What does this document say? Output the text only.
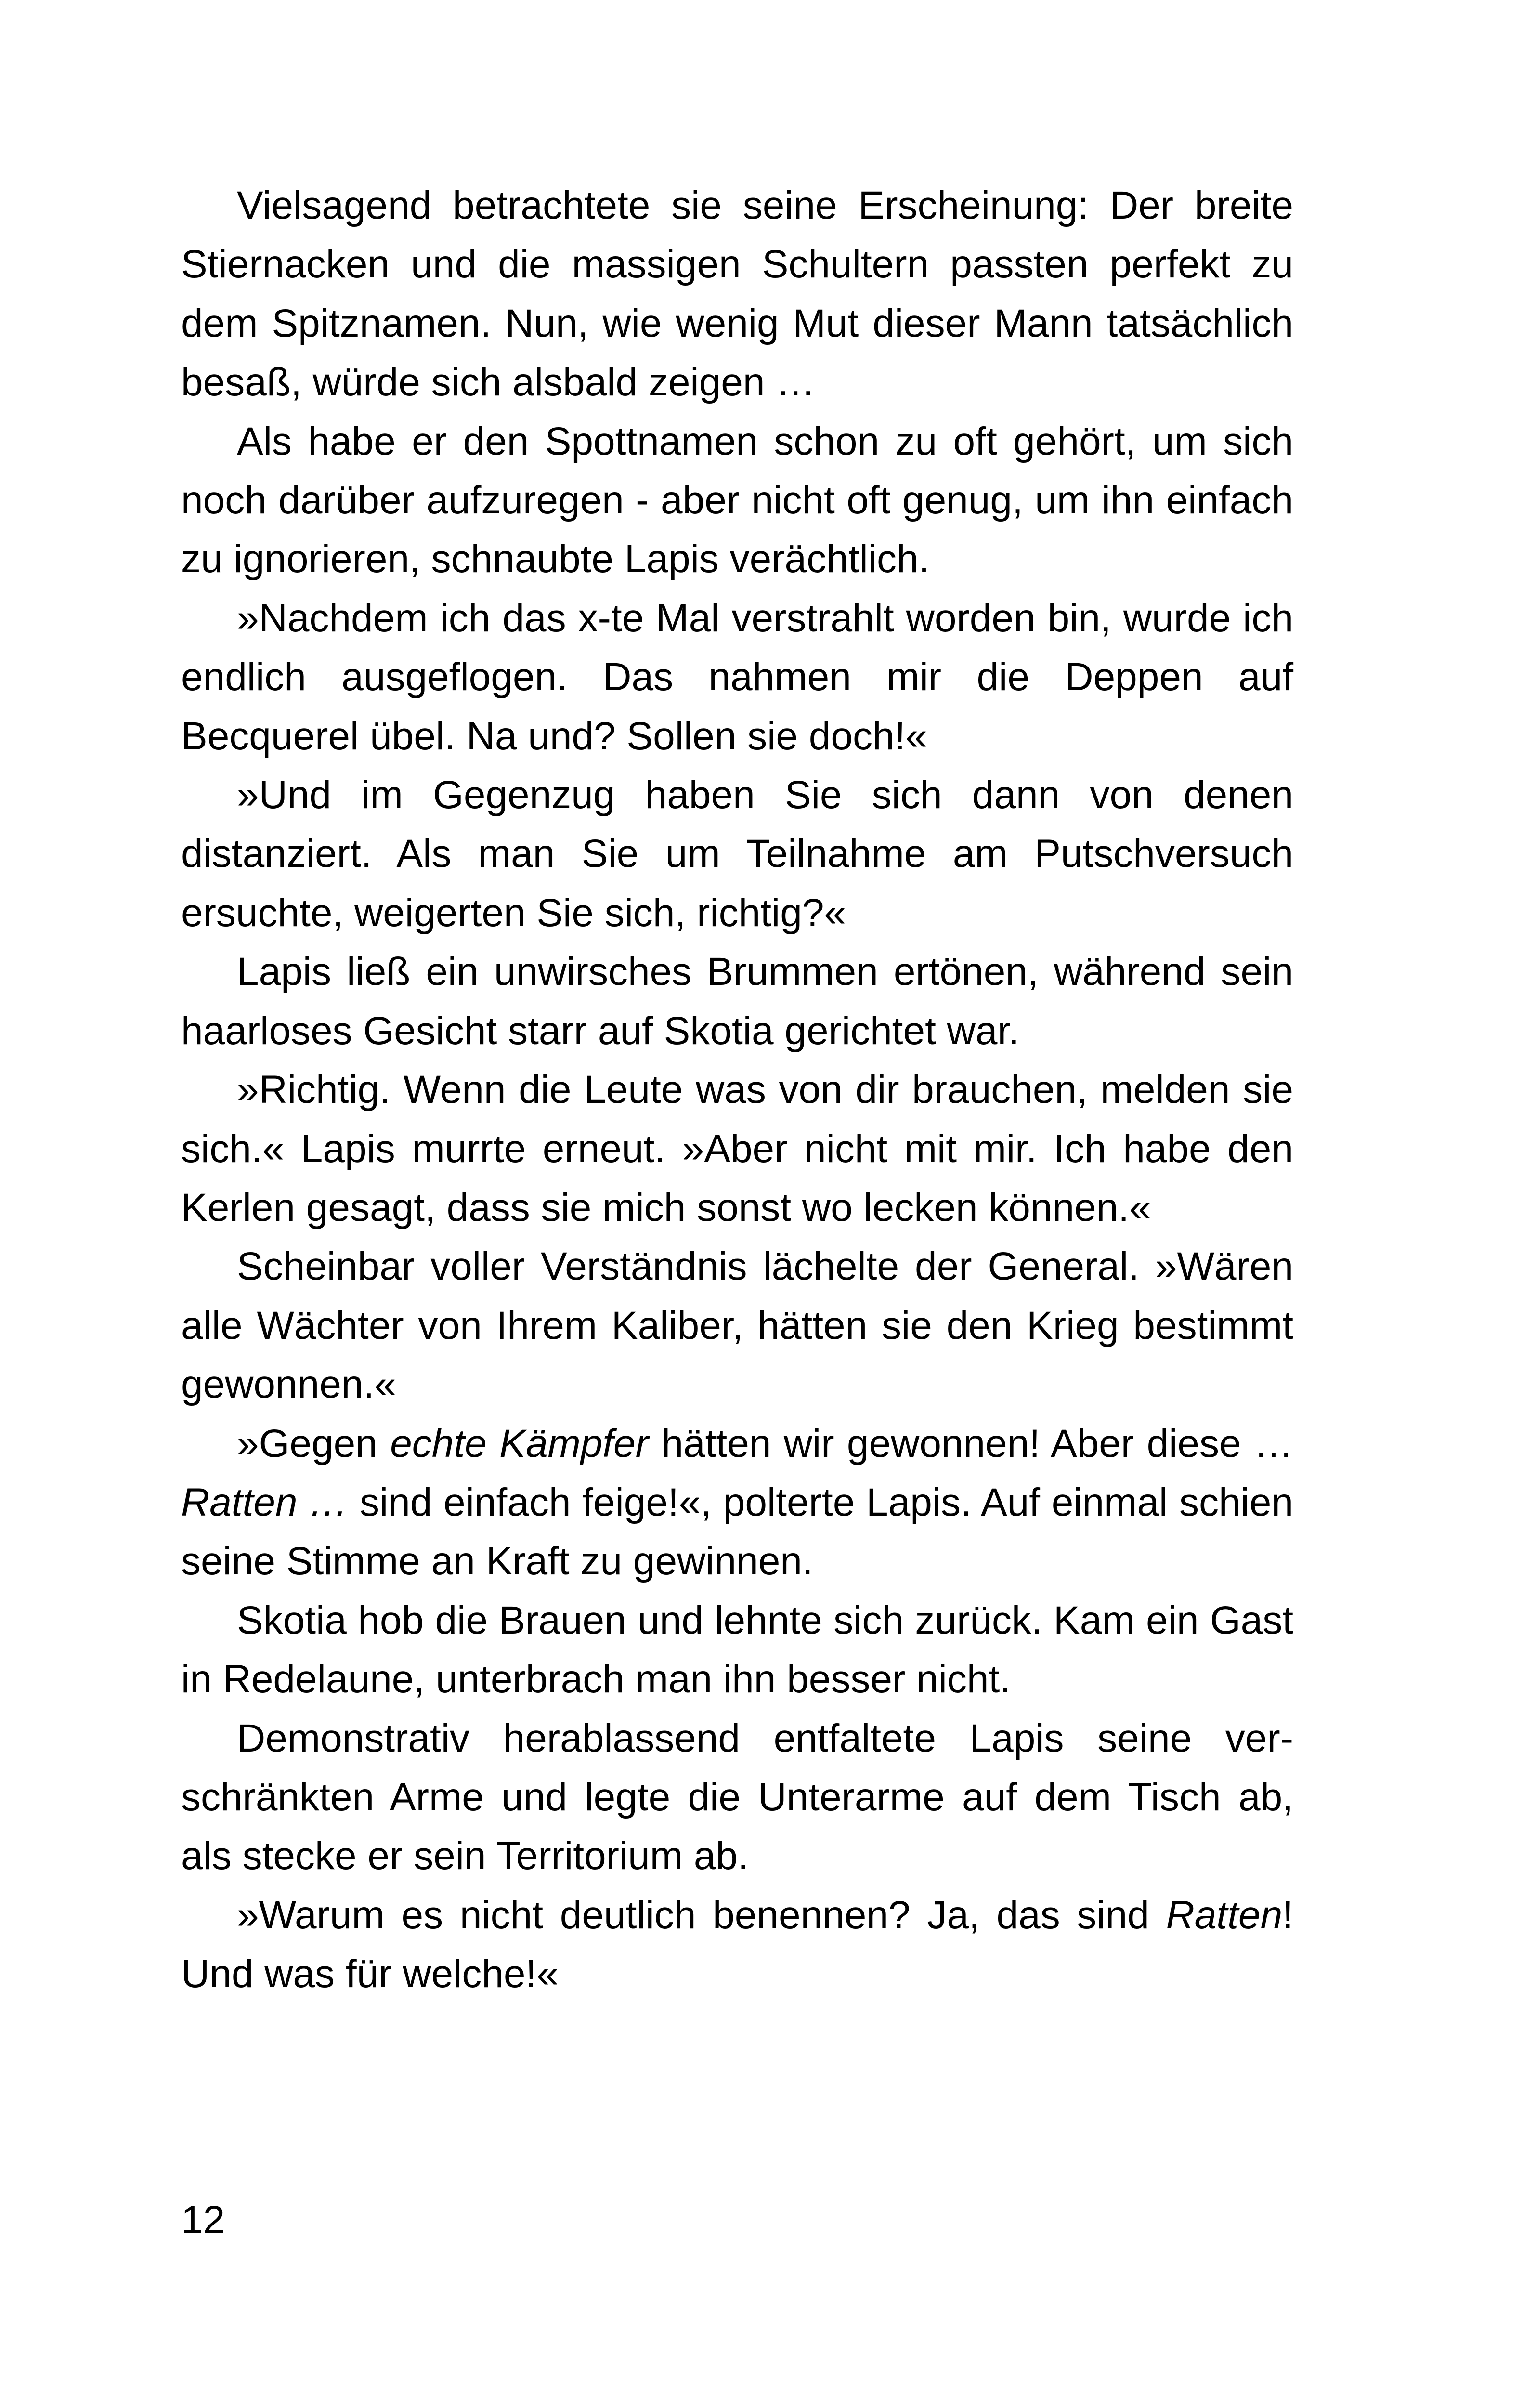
Vielsagend betrachtete sie seine Erscheinung: Der breite Stiernacken und die massigen Schultern passten perfekt zu dem Spitznamen. Nun, wie wenig Mut dieser Mann tatsächlich besaß, würde sich alsbald zeigen …

Als habe er den Spottnamen schon zu oft gehört, um sich noch darüber aufzuregen - aber nicht oft genug, um ihn einfach zu ignorieren, schnaubte Lapis verächtlich.

»Nachdem ich das x-te Mal verstrahlt worden bin, wurde ich endlich ausgeflogen. Das nahmen mir die Deppen auf Becquerel übel. Na und? Sollen sie doch!«

»Und im Gegenzug haben Sie sich dann von denen distanziert. Als man Sie um Teilnahme am Putschversuch ersuchte, weigerten Sie sich, richtig?«

Lapis ließ ein unwirsches Brummen ertönen, während sein haarloses Gesicht starr auf Skotia gerichtet war.

»Richtig. Wenn die Leute was von dir brauchen, melden sie sich.« Lapis murrte erneut. »Aber nicht mit mir. Ich habe den Kerlen gesagt, dass sie mich sonst wo lecken können.«

Scheinbar voller Verständnis lächelte der General. »Wären alle Wächter von Ihrem Kaliber, hätten sie den Krieg bestimmt gewonnen.«

»Gegen echte Kämpfer hätten wir gewonnen! Aber diese … Ratten … sind einfach feige!«, polterte Lapis. Auf einmal schien seine Stimme an Kraft zu gewinnen.

Skotia hob die Brauen und lehnte sich zurück. Kam ein Gast in Redelaune, unterbrach man ihn besser nicht.

Demonstrativ herablassend entfaltete Lapis seine verschränkten Arme und legte die Unterarme auf dem Tisch ab, als stecke er sein Territorium ab.

»Warum es nicht deutlich benennen? Ja, das sind Ratten! Und was für welche!«

12
